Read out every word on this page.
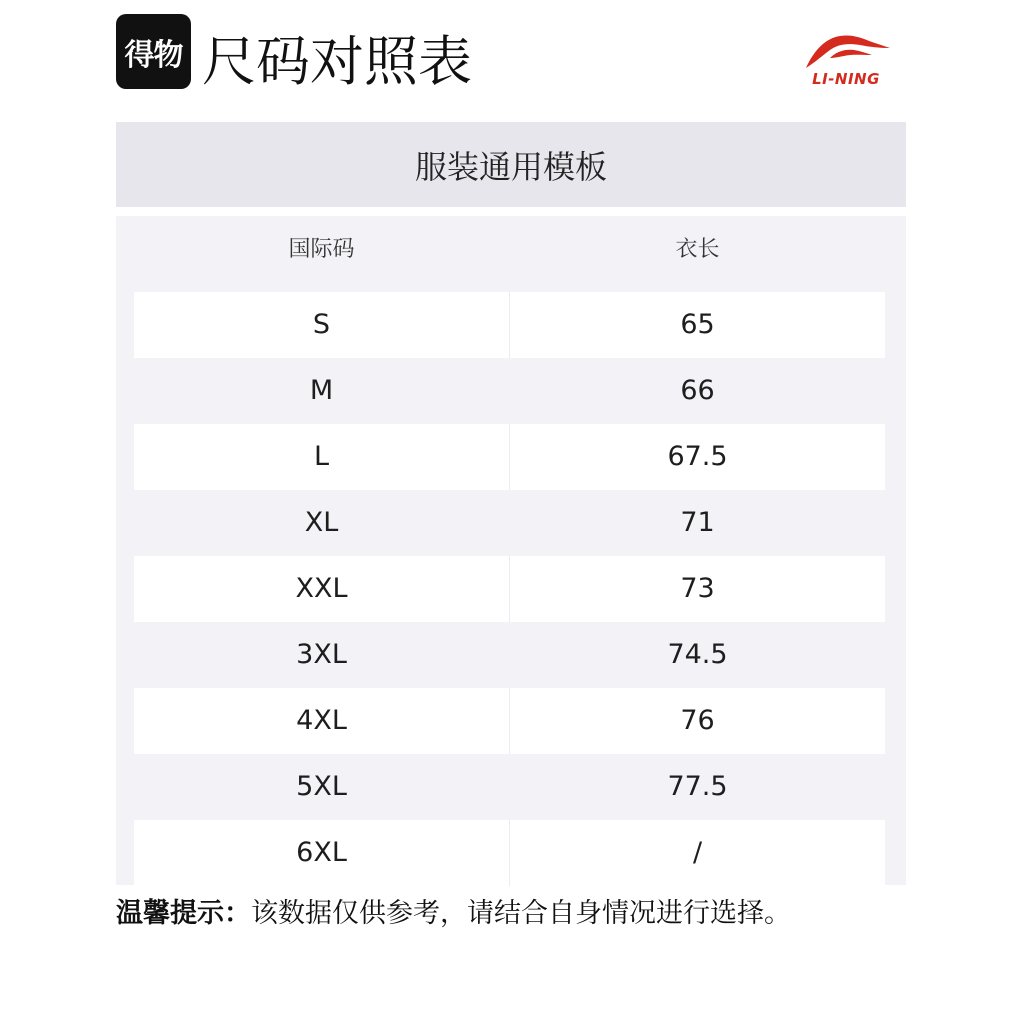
得物 尺码对照表	LI-NING
服装通用模板
国际码	衣长
S	65
M	66
L	67.5
XL	71
XXL	73
3XL	74.5
4XL	76
5XL	77.5
6XL	/
温馨提示：该数据仅供参考，请结合自身情况进行选择。
